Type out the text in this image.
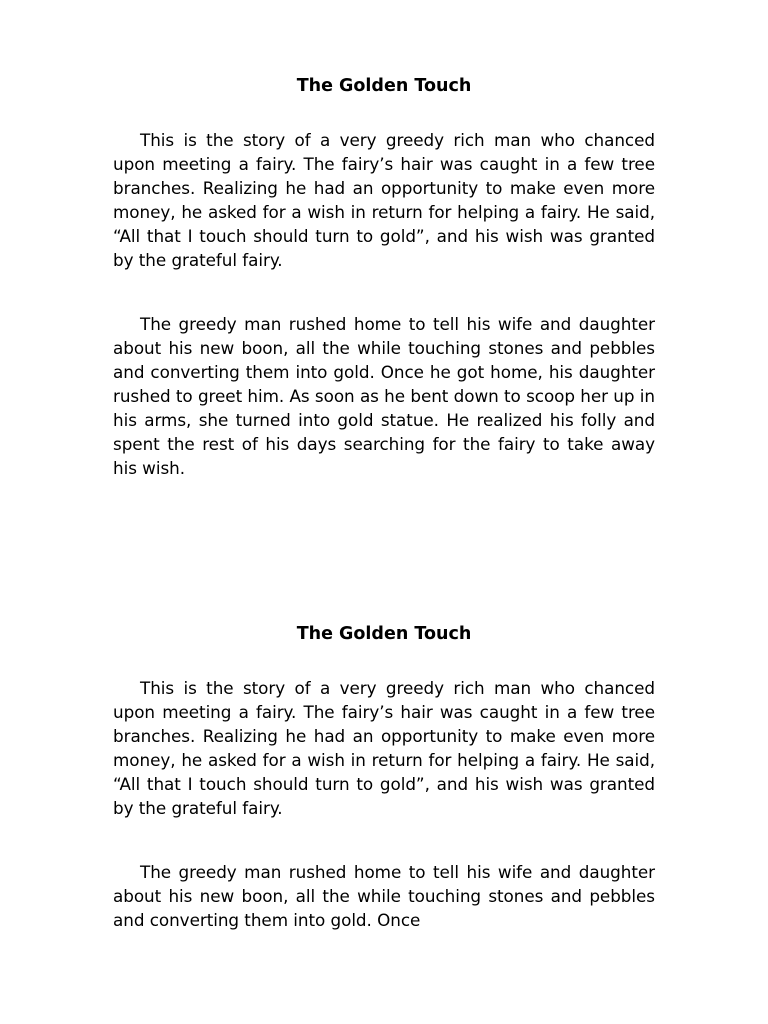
The Golden Touch

This is the story of a very greedy rich man who chanced upon meeting a fairy. The fairy’s hair was caught in a few tree branches. Realizing he had an opportunity to make even more money, he asked for a wish in return for helping a fairy. He said, “All that I touch should turn to gold”, and his wish was granted by the grateful fairy.

The greedy man rushed home to tell his wife and daughter about his new boon, all the while touching stones and pebbles and converting them into gold. Once he got home, his daughter rushed to greet him. As soon as he bent down to scoop her up in his arms, she turned into gold statue. He realized his folly and spent the rest of his days searching for the fairy to take away his wish.

The Golden Touch

This is the story of a very greedy rich man who chanced upon meeting a fairy. The fairy’s hair was caught in a few tree branches. Realizing he had an opportunity to make even more money, he asked for a wish in return for helping a fairy. He said, “All that I touch should turn to gold”, and his wish was granted by the grateful fairy.

The greedy man rushed home to tell his wife and daughter about his new boon, all the while touching stones and pebbles and converting them into gold. Once
